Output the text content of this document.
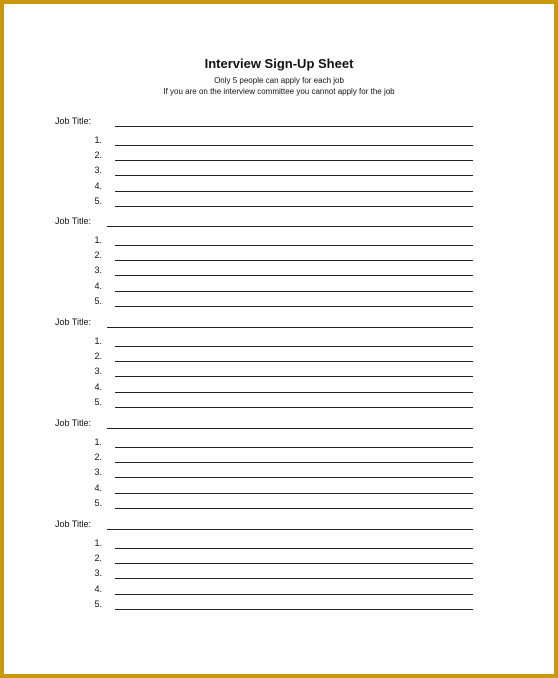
Interview Sign-Up Sheet
Only 5 people can apply for each job
If you are on the interview committee you cannot apply for the job
Job Title:
1.
2.
3.
4.
5.
Job Title:
1.
2.
3.
4.
5.
Job Title:
1.
2.
3.
4.
5.
Job Title:
1.
2.
3.
4.
5.
Job Title:
1.
2.
3.
4.
5.
